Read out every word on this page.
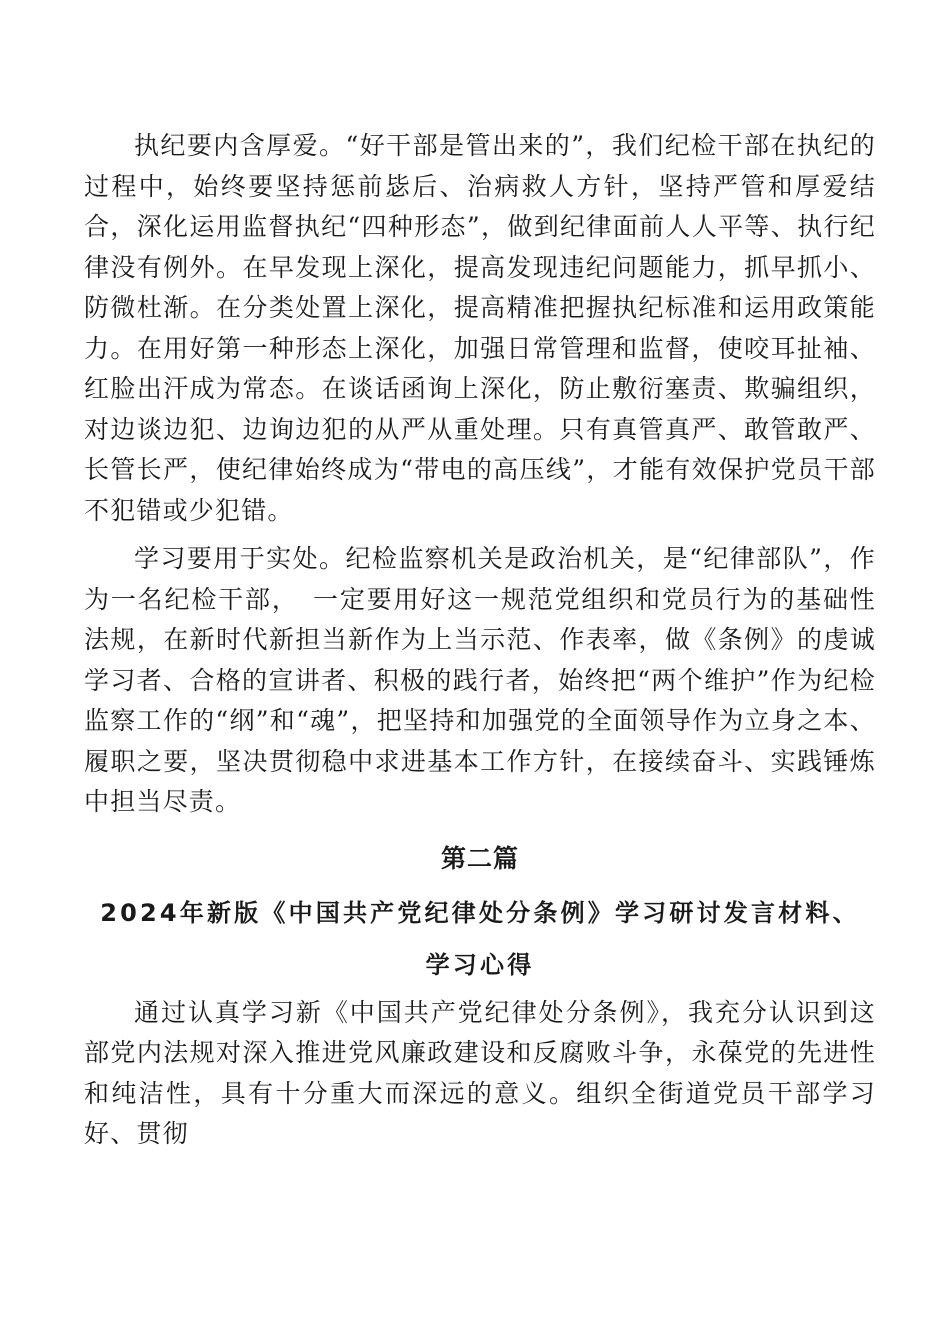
执纪要内含厚爱。“好干部是管出来的”，我们纪检干部在执纪的过程中，始终要坚持惩前毖后、治病救人方针，坚持严管和厚爱结合，深化运用监督执纪“四种形态”，做到纪律面前人人平等、执行纪律没有例外。在早发现上深化，提高发现违纪问题能力，抓早抓小、防微杜渐。在分类处置上深化，提高精准把握执纪标准和运用政策能力。在用好第一种形态上深化，加强日常管理和监督，使咬耳扯袖、红脸出汗成为常态。在谈话函询上深化，防止敷衍塞责、欺骗组织，对边谈边犯、边询边犯的从严从重处理。只有真管真严、敢管敢严、长管长严，使纪律始终成为“带电的高压线”，才能有效保护党员干部不犯错或少犯错。

学习要用于实处。纪检监察机关是政治机关，是“纪律部队”，作为一名纪检干部，　一定要用好这一规范党组织和党员行为的基础性法规，在新时代新担当新作为上当示范、作表率，做《条例》的虔诚学习者、合格的宣讲者、积极的践行者，始终把“两个维护”作为纪检监察工作的“纲”和“魂”，把坚持和加强党的全面领导作为立身之本、履职之要，坚决贯彻稳中求进基本工作方针，在接续奋斗、实践锤炼中担当尽责。

第二篇
2024年新版《中国共产党纪律处分条例》学习研讨发言材料、学习心得

通过认真学习新《中国共产党纪律处分条例》，我充分认识到这部党内法规对深入推进党风廉政建设和反腐败斗争，永葆党的先进性和纯洁性，具有十分重大而深远的意义。组织全街道党员干部学习好、贯彻
